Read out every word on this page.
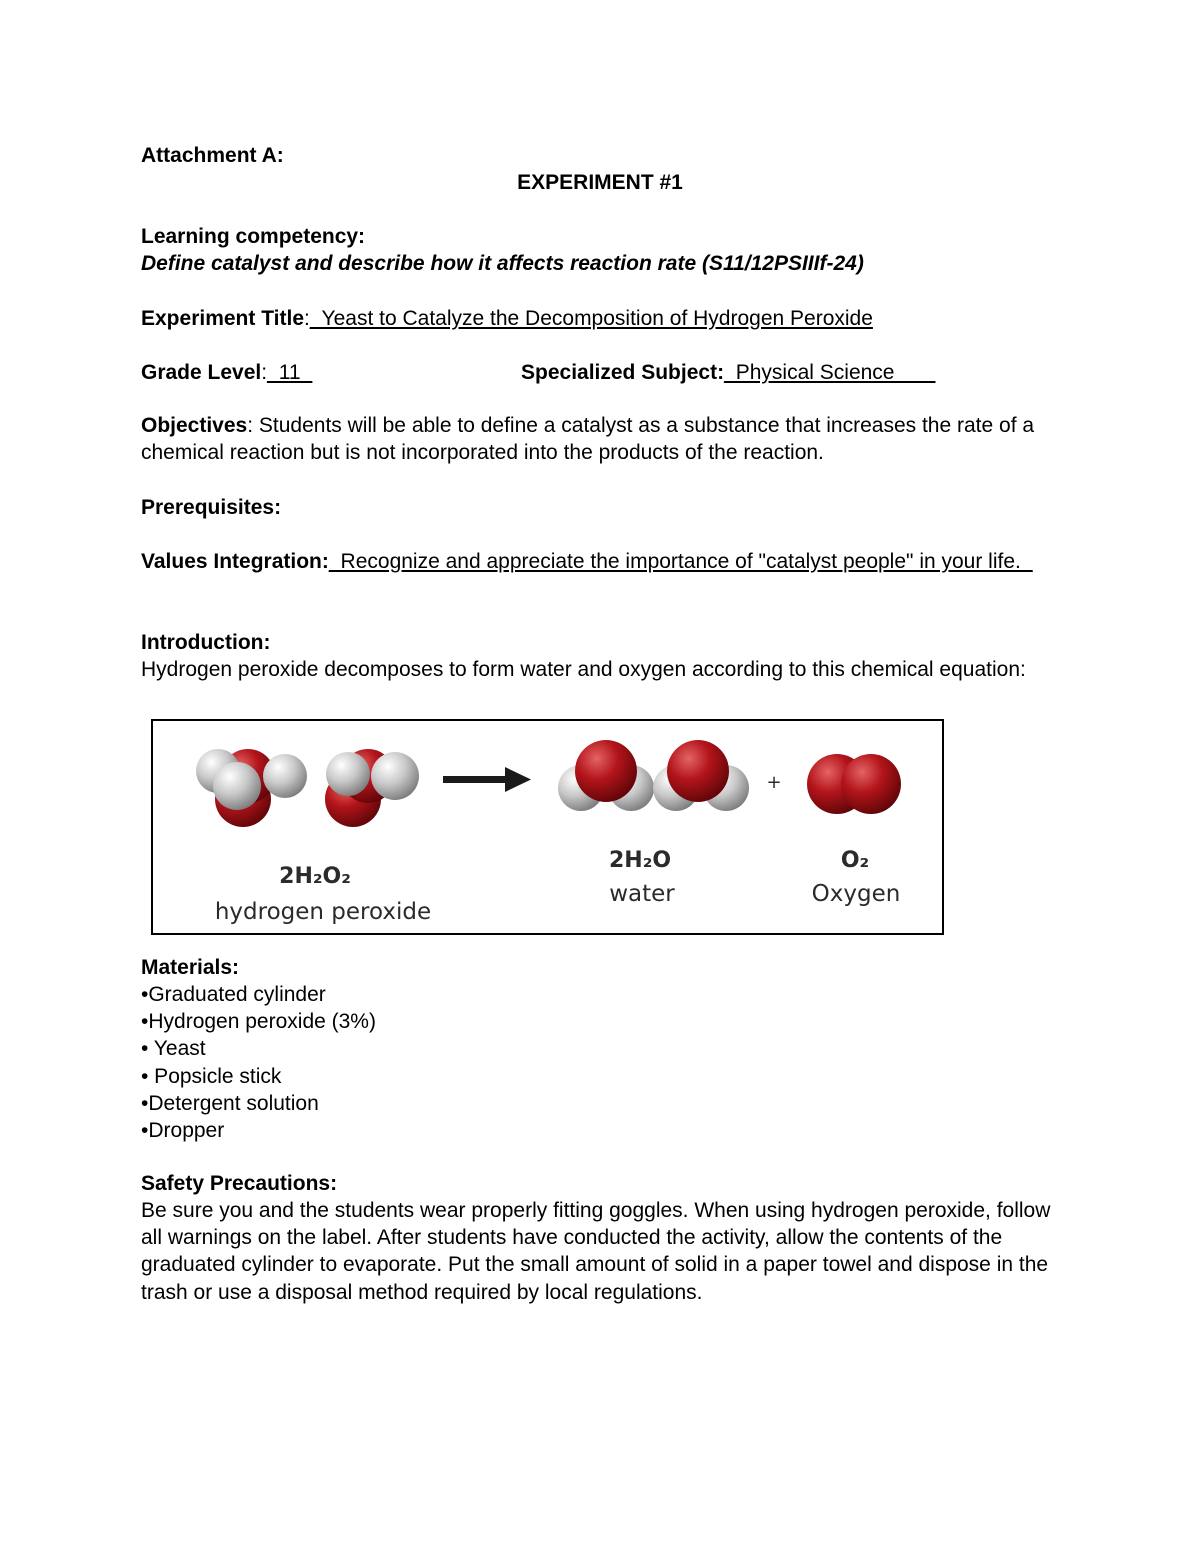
Attachment A:
EXPERIMENT #1
Learning competency:
Define catalyst and describe how it affects reaction rate (S11/12PSIIIf-24)
Experiment Title:_Yeast to Catalyze the Decomposition of Hydrogen Peroxide
Grade Level:_11_	Specialized Subject:_Physical Science_ __

Objectives: Students will be able to define a catalyst as a substance that increases the rate of a chemical reaction but is not incorporated into the products of the reaction.

Prerequisites:

Values Integration:_Recognize and appreciate the importance of "catalyst people" in your life._

Introduction:
Hydrogen peroxide decomposes to form water and oxygen according to this chemical equation:
+
2H₂O₂
hydrogen peroxide
2H₂O
water
O₂
Oxygen
Materials:
•Graduated cylinder
•Hydrogen peroxide (3%)
• Yeast
• Popsicle stick
•Detergent solution
•Dropper
Safety Precautions:
Be sure you and the students wear properly fitting goggles. When using hydrogen peroxide, follow all warnings on the label. After students have conducted the activity, allow the contents of the graduated cylinder to evaporate. Put the small amount of solid in a paper towel and dispose in the trash or use a disposal method required by local regulations.
